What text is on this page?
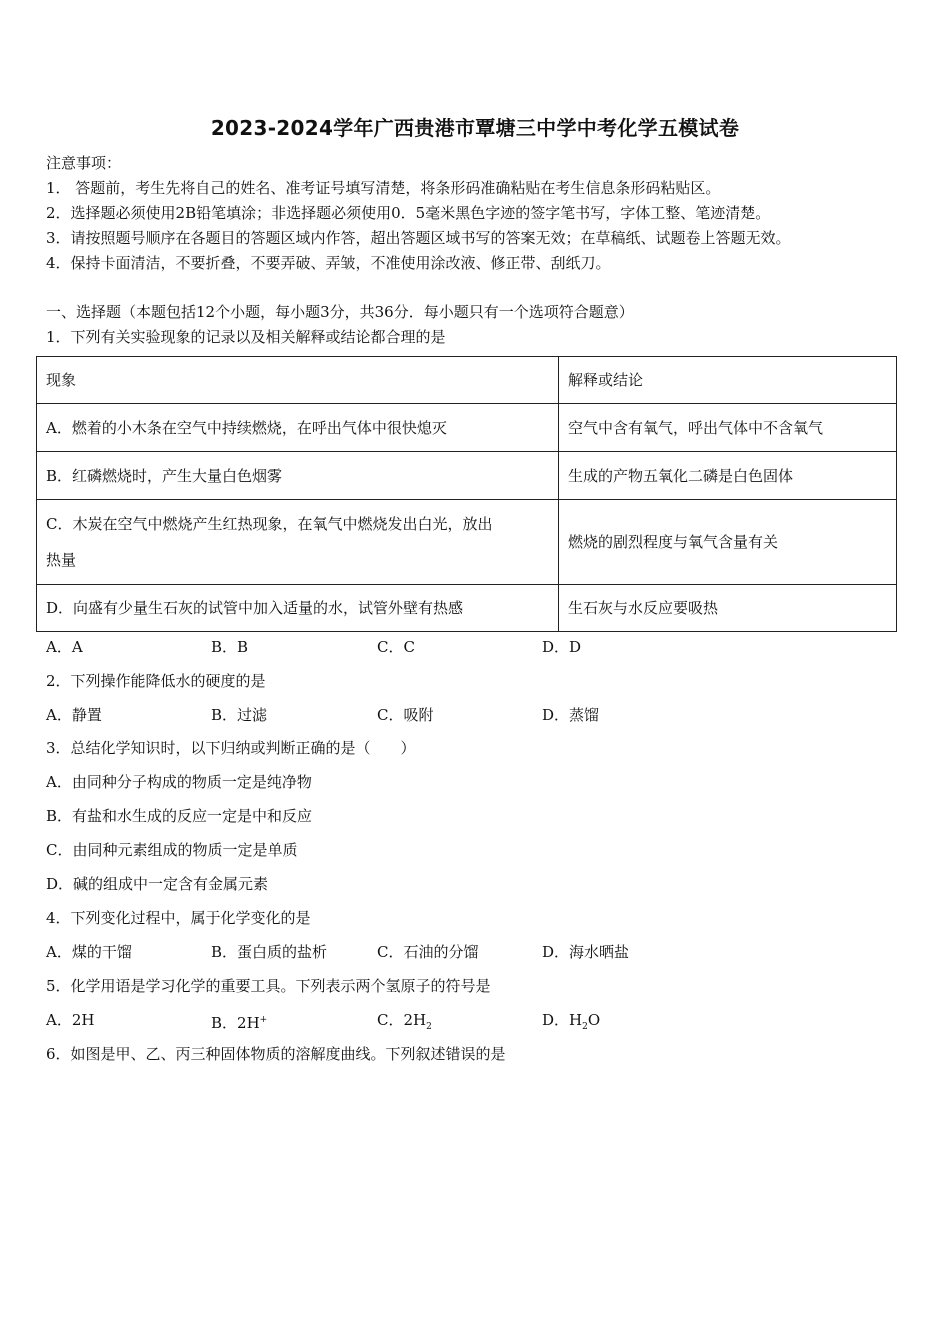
2023-2024学年广西贵港市覃塘三中学中考化学五模试卷
注意事项：
1． 答题前，考生先将自己的姓名、准考证号填写清楚，将条形码准确粘贴在考生信息条形码粘贴区。
2．选择题必须使用2B铅笔填涂；非选择题必须使用0．5毫米黑色字迹的签字笔书写，字体工整、笔迹清楚。
3．请按照题号顺序在各题目的答题区域内作答，超出答题区域书写的答案无效；在草稿纸、试题卷上答题无效。
4．保持卡面清洁，不要折叠，不要弄破、弄皱，不准使用涂改液、修正带、刮纸刀。
一、选择题（本题包括12个小题，每小题3分，共36分．每小题只有一个选项符合题意）
1．下列有关实验现象的记录以及相关解释或结论都合理的是
现象	解释或结论
A．燃着的小木条在空气中持续燃烧，在呼出气体中很快熄灭	空气中含有氧气，呼出气体中不含氧气
B．红磷燃烧时，产生大量白色烟雾	生成的产物五氧化二磷是白色固体

C．木炭在空气中燃烧产生红热现象，在氧气中燃烧发出白光，放出
热量	燃烧的剧烈程度与氧气含量有关
D．向盛有少量生石灰的试管中加入适量的水，试管外壁有热感	生石灰与水反应要吸热
A．A	B．B	C．C	D．D
2．下列操作能降低水的硬度的是
A．静置	B．过滤	C．吸附	D．蒸馏
3．总结化学知识时，以下归纳或判断正确的是（　　）
A．由同种分子构成的物质一定是纯净物
B．有盐和水生成的反应一定是中和反应
C．由同种元素组成的物质一定是单质
D．碱的组成中一定含有金属元素
4．下列变化过程中，属于化学变化的是
A．煤的干馏	B．蛋白质的盐析	C．石油的分馏	D．海水晒盐
5．化学用语是学习化学的重要工具。下列表示两个氢原子的符号是
A．2H	B．2H+	C．$2H_2$	D．$H_2O$
6．如图是甲、乙、丙三种固体物质的溶解度曲线。下列叙述错误的是
